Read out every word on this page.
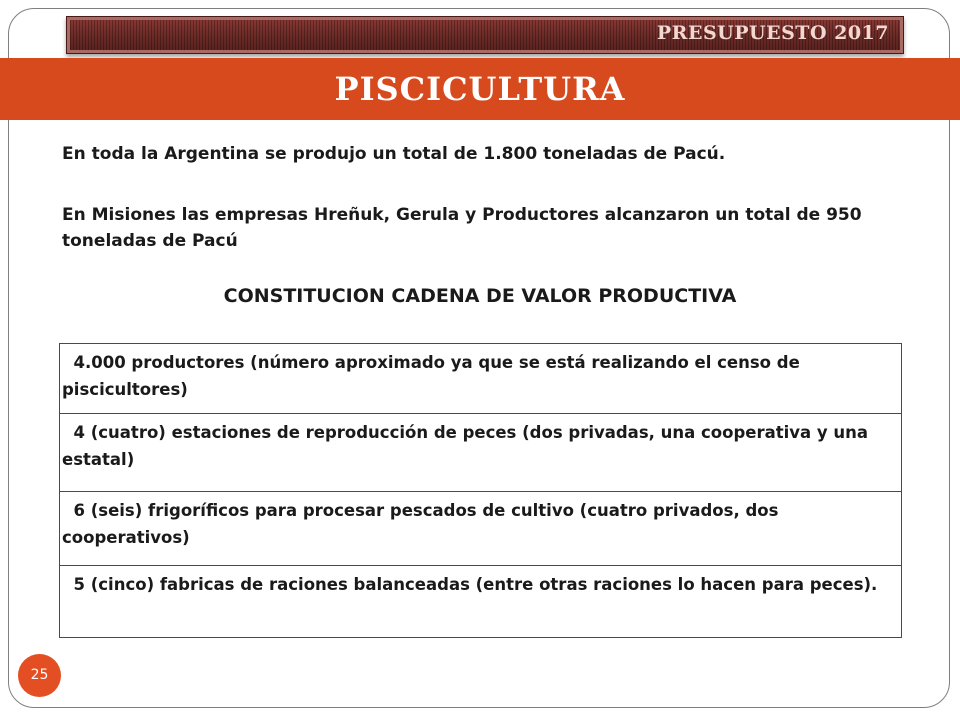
PRESUPUESTO 2017
PISCICULTURA
En toda la Argentina se produjo un total de 1.800 toneladas de Pacú.
En Misiones las empresas Hreñuk, Gerula y Productores alcanzaron un total de 950 toneladas de Pacú
CONSTITUCION CADENA DE VALOR PRODUCTIVA
4.000 productores (número aproximado ya que se está realizando el censo de piscicultores)
4 (cuatro) estaciones de reproducción de peces (dos privadas, una cooperativa y una estatal)
6 (seis) frigoríficos para procesar pescados de cultivo (cuatro privados, dos cooperativos)
5 (cinco) fabricas de raciones balanceadas (entre otras raciones lo hacen para peces).
25
